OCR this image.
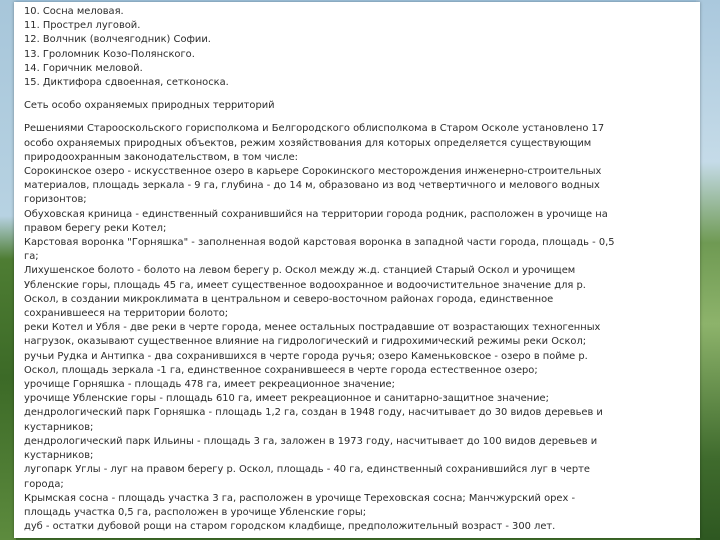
10. Сосна меловая.
11. Прострел луговой.
12. Волчник (волчеягодник) Софии.
13. Гроломник Козо-Полянского.
14. Горичник меловой.
15. Диктифора сдвоенная, сетконоска.
Сеть особо охраняемых природных территорий
Решениями Старооскольского горисполкома и Белгородского облисполкома в Старом Осколе установлено 17
особо охраняемых природных объектов, режим хозяйствования для которых определяется существующим
природоохранным законодательством, в том числе:
Сорокинское озеро - искусственное озеро в карьере Сорокинского месторождения инженерно-строительных
материалов, площадь зеркала - 9 га, глубина - до 14 м, образовано из вод четвертичного и мелового водных
горизонтов;
Обуховская криница - единственный сохранившийся на территории города родник, расположен в урочище на
правом берегу реки Котел;
Карстовая воронка "Горняшка" - заполненная водой карстовая воронка в западной части города, площадь - 0,5
га;
Лихушенское болото - болото на левом берегу р. Оскол между ж.д. станцией Старый Оскол и урочищем
Убленские горы, площадь 45 га, имеет существенное водоохранное и водоочистительное значение для р.
Оскол, в создании микроклимата в центральном и северо-восточном районах города, единственное
сохранившееся на территории болото;
реки Котел и Убля - две реки в черте города, менее остальных пострадавшие от возрастающих техногенных
нагрузок, оказывают существенное влияние на гидрологический и гидрохимический режимы реки Оскол;
ручьи Рудка и Антипка - два сохранившихся в черте города ручья; озеро Каменьковское - озеро в пойме р.
Оскол, площадь зеркала -1 га, единственное сохранившееся в черте города естественное озеро;
урочище Горняшка - площадь 478 га, имеет рекреационное значение;
урочище Убленские горы - площадь 610 га, имеет рекреационное и санитарно-защитное значение;
дендрологический парк Горняшка - площадь 1,2 га, создан в 1948 году, насчитывает до 30 видов деревьев и
кустарников;
дендрологический парк Ильины - площадь 3 га, заложен в 1973 году, насчитывает до 100 видов деревьев и
кустарников;
лугопарк Углы - луг на правом берегу р. Оскол, площадь - 40 га, единственный сохранившийся луг в черте
города;
Крымская сосна - площадь участка 3 га, расположен в урочище Тереховская сосна; Манчжурский орех -
площадь участка 0,5 га, расположен в урочище Убленские горы;
дуб - остатки дубовой рощи на старом городском кладбище, предположительный возраст - 300 лет.
